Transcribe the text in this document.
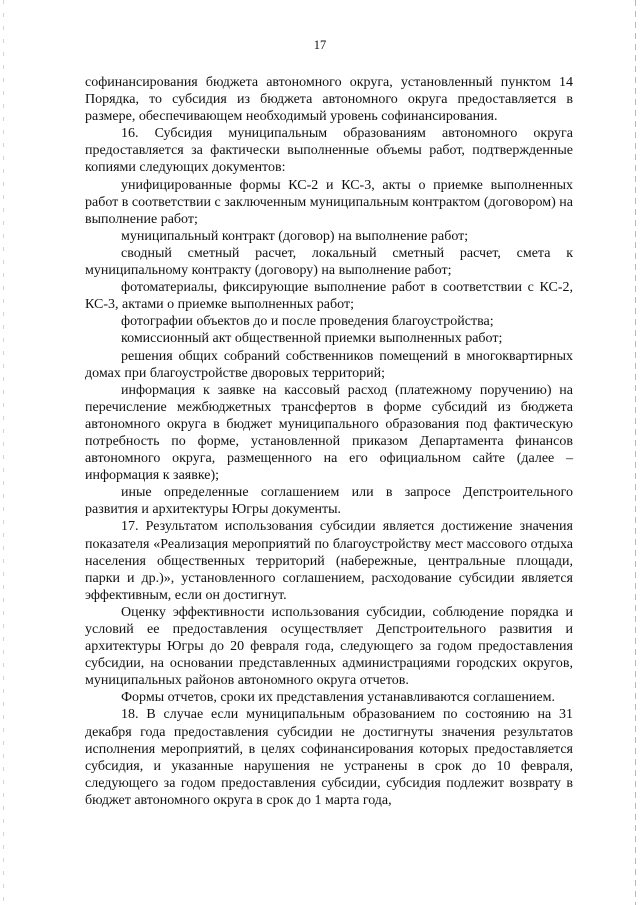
17

софинансирования бюджета автономного округа, установленный пунктом 14 Порядка, то субсидия из бюджета автономного округа предоставляется в размере, обеспечивающем необходимый уровень софинансирования.

16. Субсидия муниципальным образованиям автономного округа предоставляется за фактически выполненные объемы работ, подтвержденные копиями следующих документов:

унифицированные формы КС-2 и КС-3, акты о приемке выполненных работ в соответствии с заключенным муниципальным контрактом (договором) на выполнение работ;

муниципальный контракт (договор) на выполнение работ;

сводный сметный расчет, локальный сметный расчет, смета к муниципальному контракту (договору) на выполнение работ;

фотоматериалы, фиксирующие выполнение работ в соответствии с КС-2, КС-3, актами о приемке выполненных работ;

фотографии объектов до и после проведения благоустройства;

комиссионный акт общественной приемки выполненных работ;

решения общих собраний собственников помещений в многоквартирных домах при благоустройстве дворовых территорий;

информация к заявке на кассовый расход (платежному поручению) на перечисление межбюджетных трансфертов в форме субсидий из бюджета автономного округа в бюджет муниципального образования под фактическую потребность по форме, установленной приказом Департамента финансов автономного округа, размещенного на его официальном сайте (далее – информация к заявке);

иные определенные соглашением или в запросе Депстроительного развития и архитектуры Югры документы.

17. Результатом использования субсидии является достижение значения показателя «Реализация мероприятий по благоустройству мест массового отдыха населения общественных территорий (набережные, центральные площади, парки и др.)», установленного соглашением, расходование субсидии является эффективным, если он достигнут.

Оценку эффективности использования субсидии, соблюдение порядка и условий ее предоставления осуществляет Депстроительного развития и архитектуры Югры до 20 февраля года, следующего за годом предоставления субсидии, на основании представленных администрациями городских округов, муниципальных районов автономного округа отчетов.

Формы отчетов, сроки их представления устанавливаются соглашением.

18. В случае если муниципальным образованием по состоянию на 31 декабря года предоставления субсидии не достигнуты значения результатов исполнения мероприятий, в целях софинансирования которых предоставляется субсидия, и указанные нарушения не устранены в срок до 10 февраля, следующего за годом предоставления субсидии, субсидия подлежит возврату в бюджет автономного округа в срок до 1 марта года,
